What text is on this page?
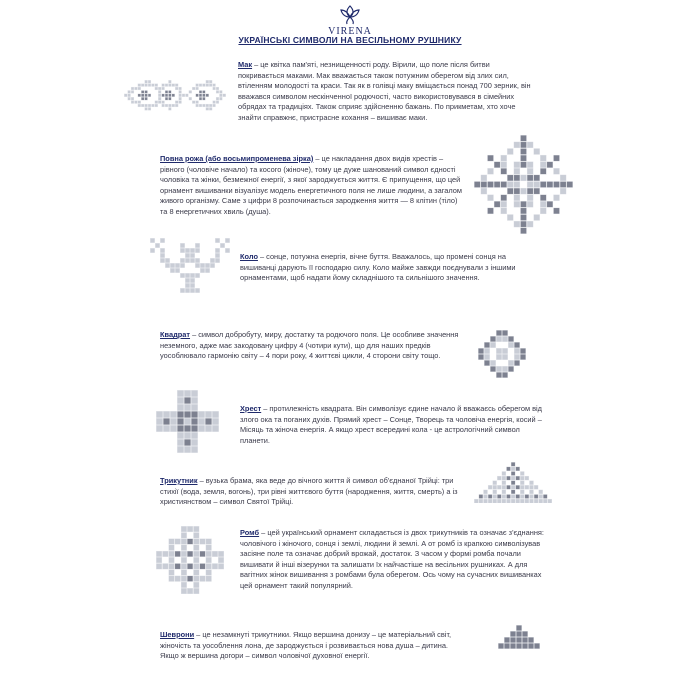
VIRENA
УКРАЇНСЬКІ СИМВОЛИ НА ВЕСІЛЬНОМУ РУШНИКУ
Мак – це квітка пам'яті, незнищенності роду. Вірили, що поле після битви покривається маками. Мак вважається також потужним оберегом від злих сил, втіленням молодості та краси. Так як в голівці маку вміщається понад 700 зерник, він вважався символом нескінченної родючості, часто використовувався в сімейних обрядах та традиціях. Також сприяє здійсненню бажань. По прикметам, хто хоче знайти справжнє, пристрасне кохання – вишиває маки.
Повна рожа (або восьмипроменева зірка) – це накладання двох видів хрестів – рівного (чоловіче начало) та косого (жіноче), тому це дуже шанований символ єдності чоловіка та жінки, безмежної енергії, з якої зароджується життя. Є припущення, що цей орнамент вишиванки візуалізує модель енергетичного поля не лише людини, а загалом живого організму. Саме з цифри 8 розпочинається зародження життя — 8 клітин (тіло) та 8 енергетичних хвиль (душа).
Коло – сонце, потужна енергія, вічне буття. Вважалось, що промені сонця на вишиванці дарують її господарю силу. Коло майже завжди поєднували з іншими орнаментами, щоб надати йому складнішого та сильнішого значення.
Квадрат – символ добробуту, миру, достатку та родючого поля. Це особливе значення неземного, адже має закодовану цифру 4 (чотири кути), що для наших предків уособлювало гармонію світу – 4 пори року, 4 життєві цикли, 4 сторони світу тощо.
Хрест – протилежність квадрата. Він символізує єдине начало й вважаєсь оберегом від злого ока та поганих духів. Прямий хрест – Сонце, Творець та чоловіча енергія, косий – Місяць та жіноча енергія. А якщо хрест всередині кола - це астрологічний символ планети.
Трикутник – вузька брама, яка веде до вічного життя й символ об'єднаної Трійці: три стихії (вода, земля, вогонь), три рівні життєвого буття (народження, життя, смерть) а із християнством – символ Святої Трійці.
Ромб – цей український орнамент складається із двох трикутників та означає з'єднання: чоловічого і жіночого, сонця і землі, людини й землі. А от ромб із крапкою символізував засіяне поле та означає добрий врожай, достаток. З часом у формі ромба почали вишивати й інші візерунки та залишати їх найчастіше на весільних рушниках. А для вагітних жінок вишивання з ромбами була оберегом. Ось чому на сучасних вишиванках цей орнамент такий популярний.
Шеврони – це незамкнуті трикутники. Якщо вершина донизу – це матеріальний світ, жіночість та уособлення лона, де зароджується і розвивається нова душа – дитина. Якщо ж вершина догори – символ чоловічої духовної енергії.
